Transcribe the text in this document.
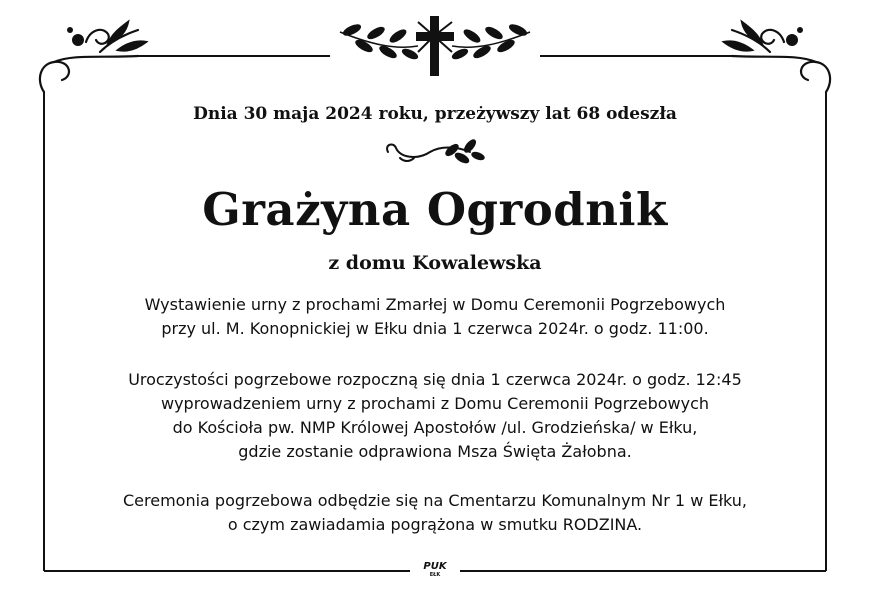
Dnia 30 maja 2024 roku, przeżywszy lat 68 odeszła
Grażyna Ogrodnik
z domu Kowalewska
Wystawienie urny z prochami Zmarłej w Domu Ceremonii Pogrzebowych
przy ul. M. Konopnickiej w Ełku dnia 1 czerwca 2024r. o godz. 11:00.
Uroczystości pogrzebowe rozpoczną się dnia 1 czerwca 2024r. o godz. 12:45
wyprowadzeniem urny z prochami z Domu Ceremonii Pogrzebowych
do Kościoła pw. NMP Królowej Apostołów /ul. Grodzieńska/ w Ełku,
gdzie zostanie odprawiona Msza Święta Żałobna.
Ceremonia pogrzebowa odbędzie się na Cmentarzu Komunalnym Nr 1 w Ełku,
o czym zawiadamia pogrążona w smutku RODZINA.
PUK
EŁK
